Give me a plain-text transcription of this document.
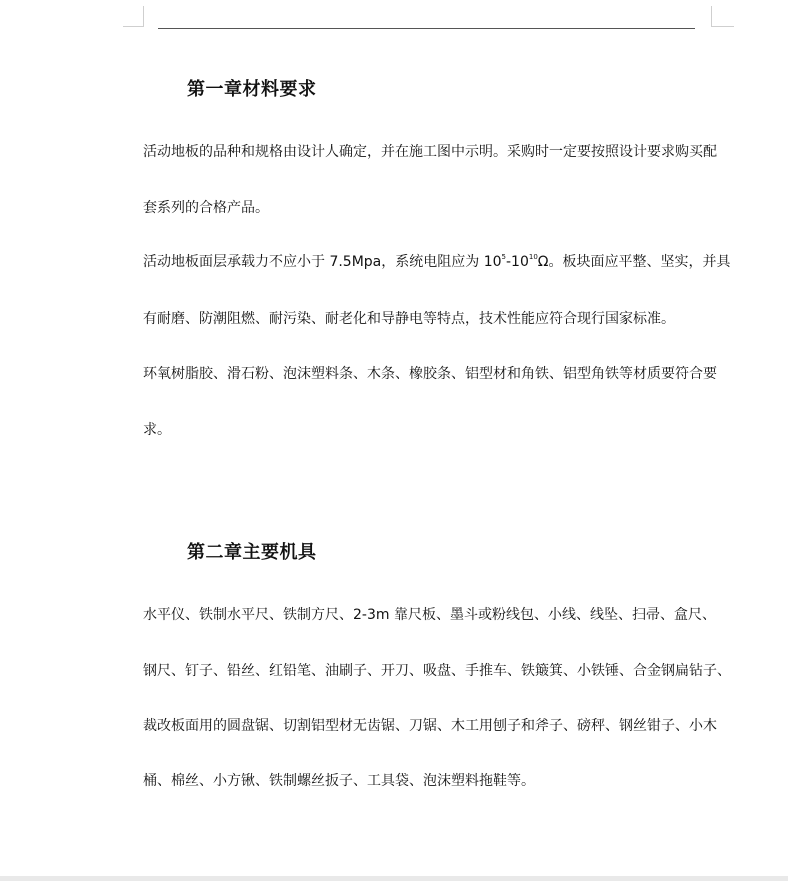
第一章材料要求

活动地板的品种和规格由设计人确定，并在施工图中示明。采购时一定要按照设计要求购买配

套系列的合格产品。

活动地板面层承载力不应小于 7.5Mpa，系统电阻应为 $10^5-10^{10}\Omega$。板块面应平整、坚实，并具

有耐磨、防潮阻燃、耐污染、耐老化和导静电等特点，技术性能应符合现行国家标准。

环氧树脂胶、滑石粉、泡沫塑料条、木条、橡胶条、铝型材和角铁、铝型角铁等材质要符合要

求。

第二章主要机具

水平仪、铁制水平尺、铁制方尺、2-3m 靠尺板、墨斗或粉线包、小线、线坠、扫帚、盒尺、

钢尺、钉子、铅丝、红铅笔、油刷子、开刀、吸盘、手推车、铁簸箕、小铁锤、合金钢扁钻子、

裁改板面用的圆盘锯、切割铝型材无齿锯、刀锯、木工用刨子和斧子、磅秤、钢丝钳子、小木

桶、棉丝、小方锹、铁制螺丝扳子、工具袋、泡沫塑料拖鞋等。
